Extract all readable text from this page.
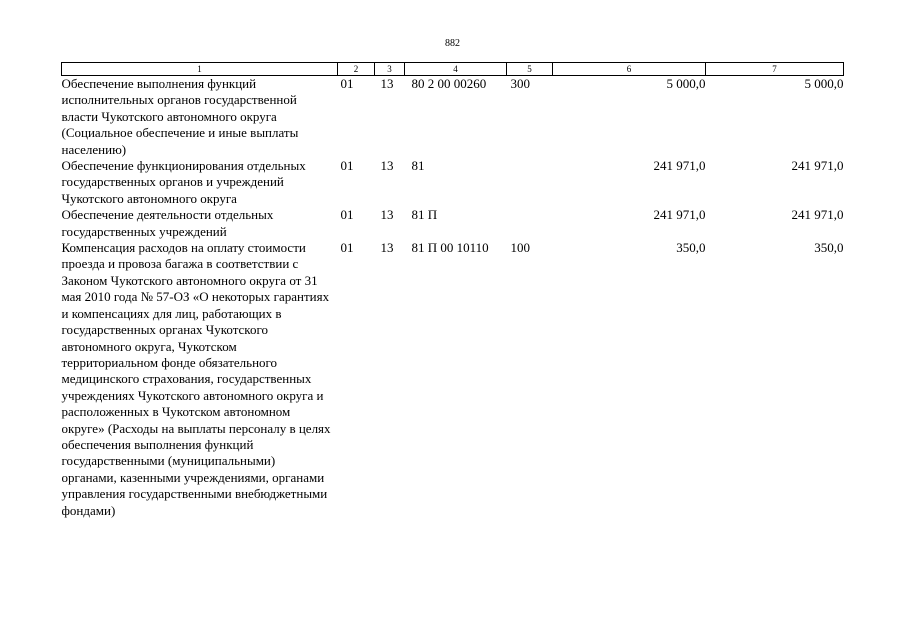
882
1	2	3	4	5	6	7
Обеспечение выполнения функций исполнительных органов государственной власти Чукотского автономного округа (Социальное обеспечение и иные выплаты населению)	01	13	80 2 00 00260	300	5 000,0	5 000,0
Обеспечение функционирования отдельных государственных органов и учреждений Чукотского автономного округа	01	13	81		241 971,0	241 971,0
Обеспечение деятельности отдельных государственных учреждений	01	13	81 П		241 971,0	241 971,0
Компенсация расходов на оплату стоимости проезда и провоза багажа в соответствии с Законом Чукотского автономного округа от 31 мая 2010 года № 57-ОЗ «О некоторых гарантиях и компенсациях для лиц, работающих в государственных органах Чукотского автономного округа, Чукотском территориальном фонде обязательного медицинского страхования, государственных учреждениях Чукотского автономного округа и расположенных в Чукотском автономном округе» (Расходы на выплаты персоналу в целях обеспечения выполнения функций государственными (муниципальными) органами, казенными учреждениями, органами управления государственными внебюджетными фондами)	01	13	81 П 00 10110	100	350,0	350,0
